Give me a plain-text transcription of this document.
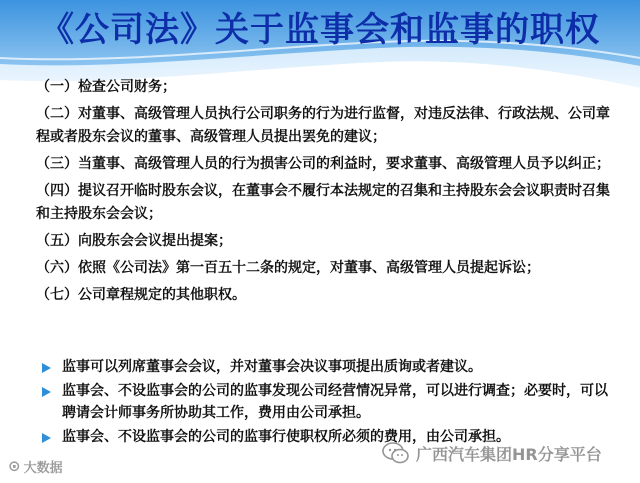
《公司法》关于监事会和监事的职权
（一）检查公司财务；
（二）对董事、高级管理人员执行公司职务的行为进行监督，对违反法律、行政法规、公司章程或者股东会议的董事、高级管理人员提出罢免的建议；
（三）当董事、高级管理人员的行为损害公司的利益时，要求董事、高级管理人员予以纠正；
（四）提议召开临时股东会议，在董事会不履行本法规定的召集和主持股东会会议职责时召集和主持股东会会议；
（五）向股东会会议提出提案；
（六）依照《公司法》第一百五十二条的规定，对董事、高级管理人员提起诉讼；
（七）公司章程规定的其他职权。
监事可以列席董事会会议，并对董事会决议事项提出质询或者建议。
监事会、不设监事会的公司的监事发现公司经营情况异常，可以进行调查；必要时，可以聘请会计师事务所协助其工作，费用由公司承担。
监事会、不设监事会的公司的监事行使职权所必须的费用，由公司承担。
⊙ 大数据
广西汽车集团HR分享平台
